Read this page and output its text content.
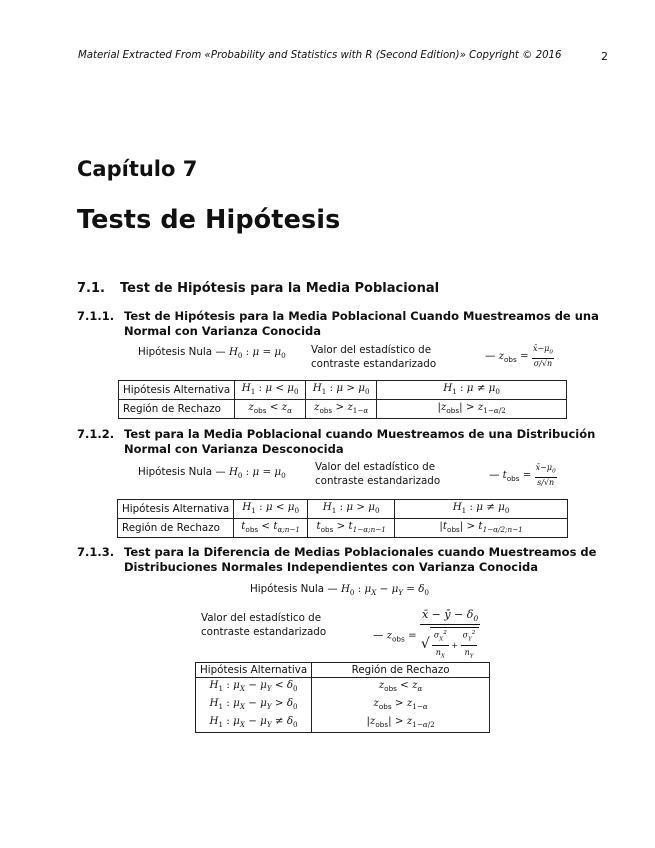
Material Extracted From «Probability and Statistics with R (Second Edition)» Copyright © 2016	2
Capítulo 7
Tests de Hipótesis
7.1. Test de Hipótesis para la Media Poblacional
7.1.1. Test de Hipótesis para la Media Poblacional Cuando Muestreamos de una Normal con Varianza Conocida
Hipótesis Nula — $H_0$ : $\mu = \mu_0$ Valor del estadístico de contraste estandarizado
— $z_{obs} = \frac{x̄-\mu_0}{\sigma/√n}$
Hipótesis Alternativa	$H_1$ : $\mu < \mu_0$	$H_1$ : $\mu > \mu_0$	$H_1$ : $\mu \ne \mu_0$
Región de Rechazo	$z_{obs} < z_\alpha$	$z_{obs} > z_{1-\alpha}$	$|z_{obs}| > z_{1-\alpha/2}$
7.1.2. Test para la Media Poblacional cuando Muestreamos de una Distribución Normal con Varianza Desconocida
Hipótesis Nula — $H_0$ : $\mu = \mu_0$
Valor del estadístico de contraste estandarizado
— $t_{obs} = \frac{x̄-\mu_0}{s/√n}$
Hipótesis Alternativa	$H_1$ : $\mu < \mu_0$	$H_1$ : $\mu > \mu_0$	$H_1$ : $\mu \ne \mu_0$
Región de Rechazo	$t_{obs} < t_{\alpha;n-1}$	$t_{obs} > t_{1-\alpha;n-1}$	$|t_{obs}| > t_{1-\alpha/2;n-1}$
7.1.3. Test para la Diferencia de Medias Poblacionales cuando Muestreamos de Distribuciones Normales Independientes con Varianza Conocida
Hipótesis Nula — $H_0$ : $\mu_X - \mu_Y = \delta_0$
Valor del estadístico de contraste estandarizado	— $z_{obs} = \frac{x̄ - ȳ - \delta_0}{√ \frac{\sigma_X^2}{n_X} + \frac{\sigma_Y^2}{n_Y}}$
Hipótesis Alternativa	Región de Rechazo
$H_1$ : $\mu_X - \mu_Y < \delta_0$	$z_{obs} < z_\alpha$
$H_1$ : $\mu_X - \mu_Y > \delta_0$	$z_{obs} > z_{1-\alpha}$
$H_1$ : $\mu_X - \mu_Y \ne \delta_0$	$|z_{obs}| > z_{1-\alpha/2}$
